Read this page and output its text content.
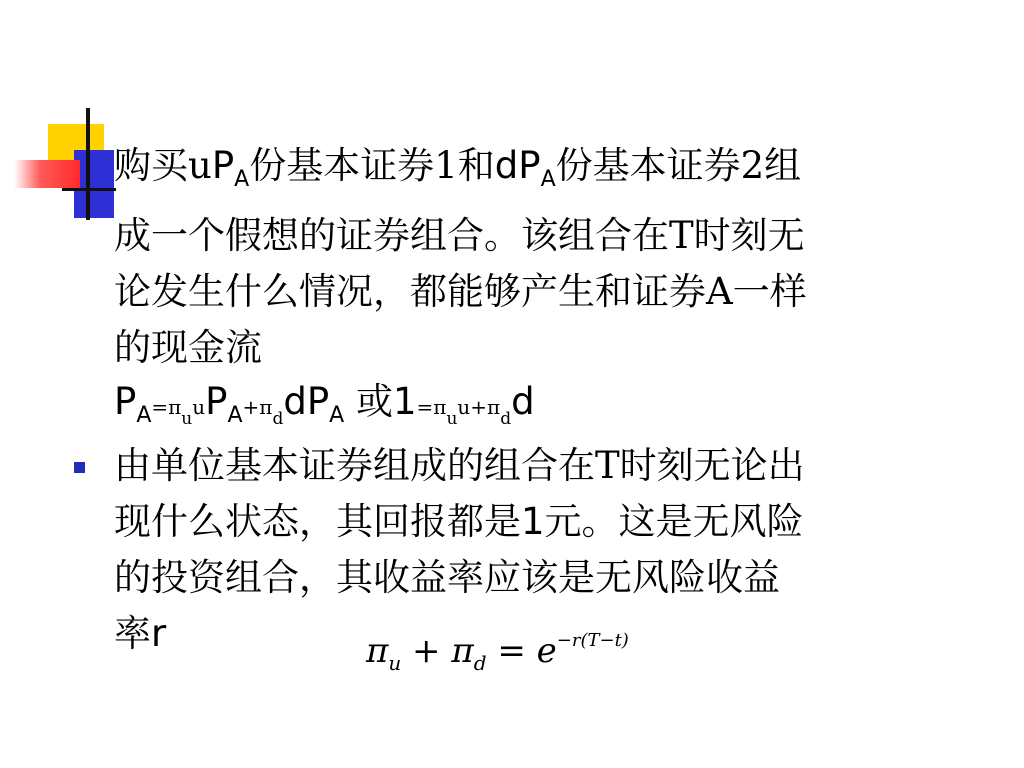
购买$uP_A$份基本证券1和$dP_A$份基本证券2组
成一个假想的证券组合。该组合在T时刻无
论发生什么情况，都能够产生和证券A一样
的现金流
$P_A=\pi_uuP_A+\pi_ddP_A$ 或$1=\pi_uu+\pi_dd$
由单位基本证券组成的组合在T时刻无论出
现什么状态，其回报都是1元。这是无风险
的投资组合，其收益率应该是无风险收益
率r	$\pi_u + \pi_d = e^{-r(T-t)}$
